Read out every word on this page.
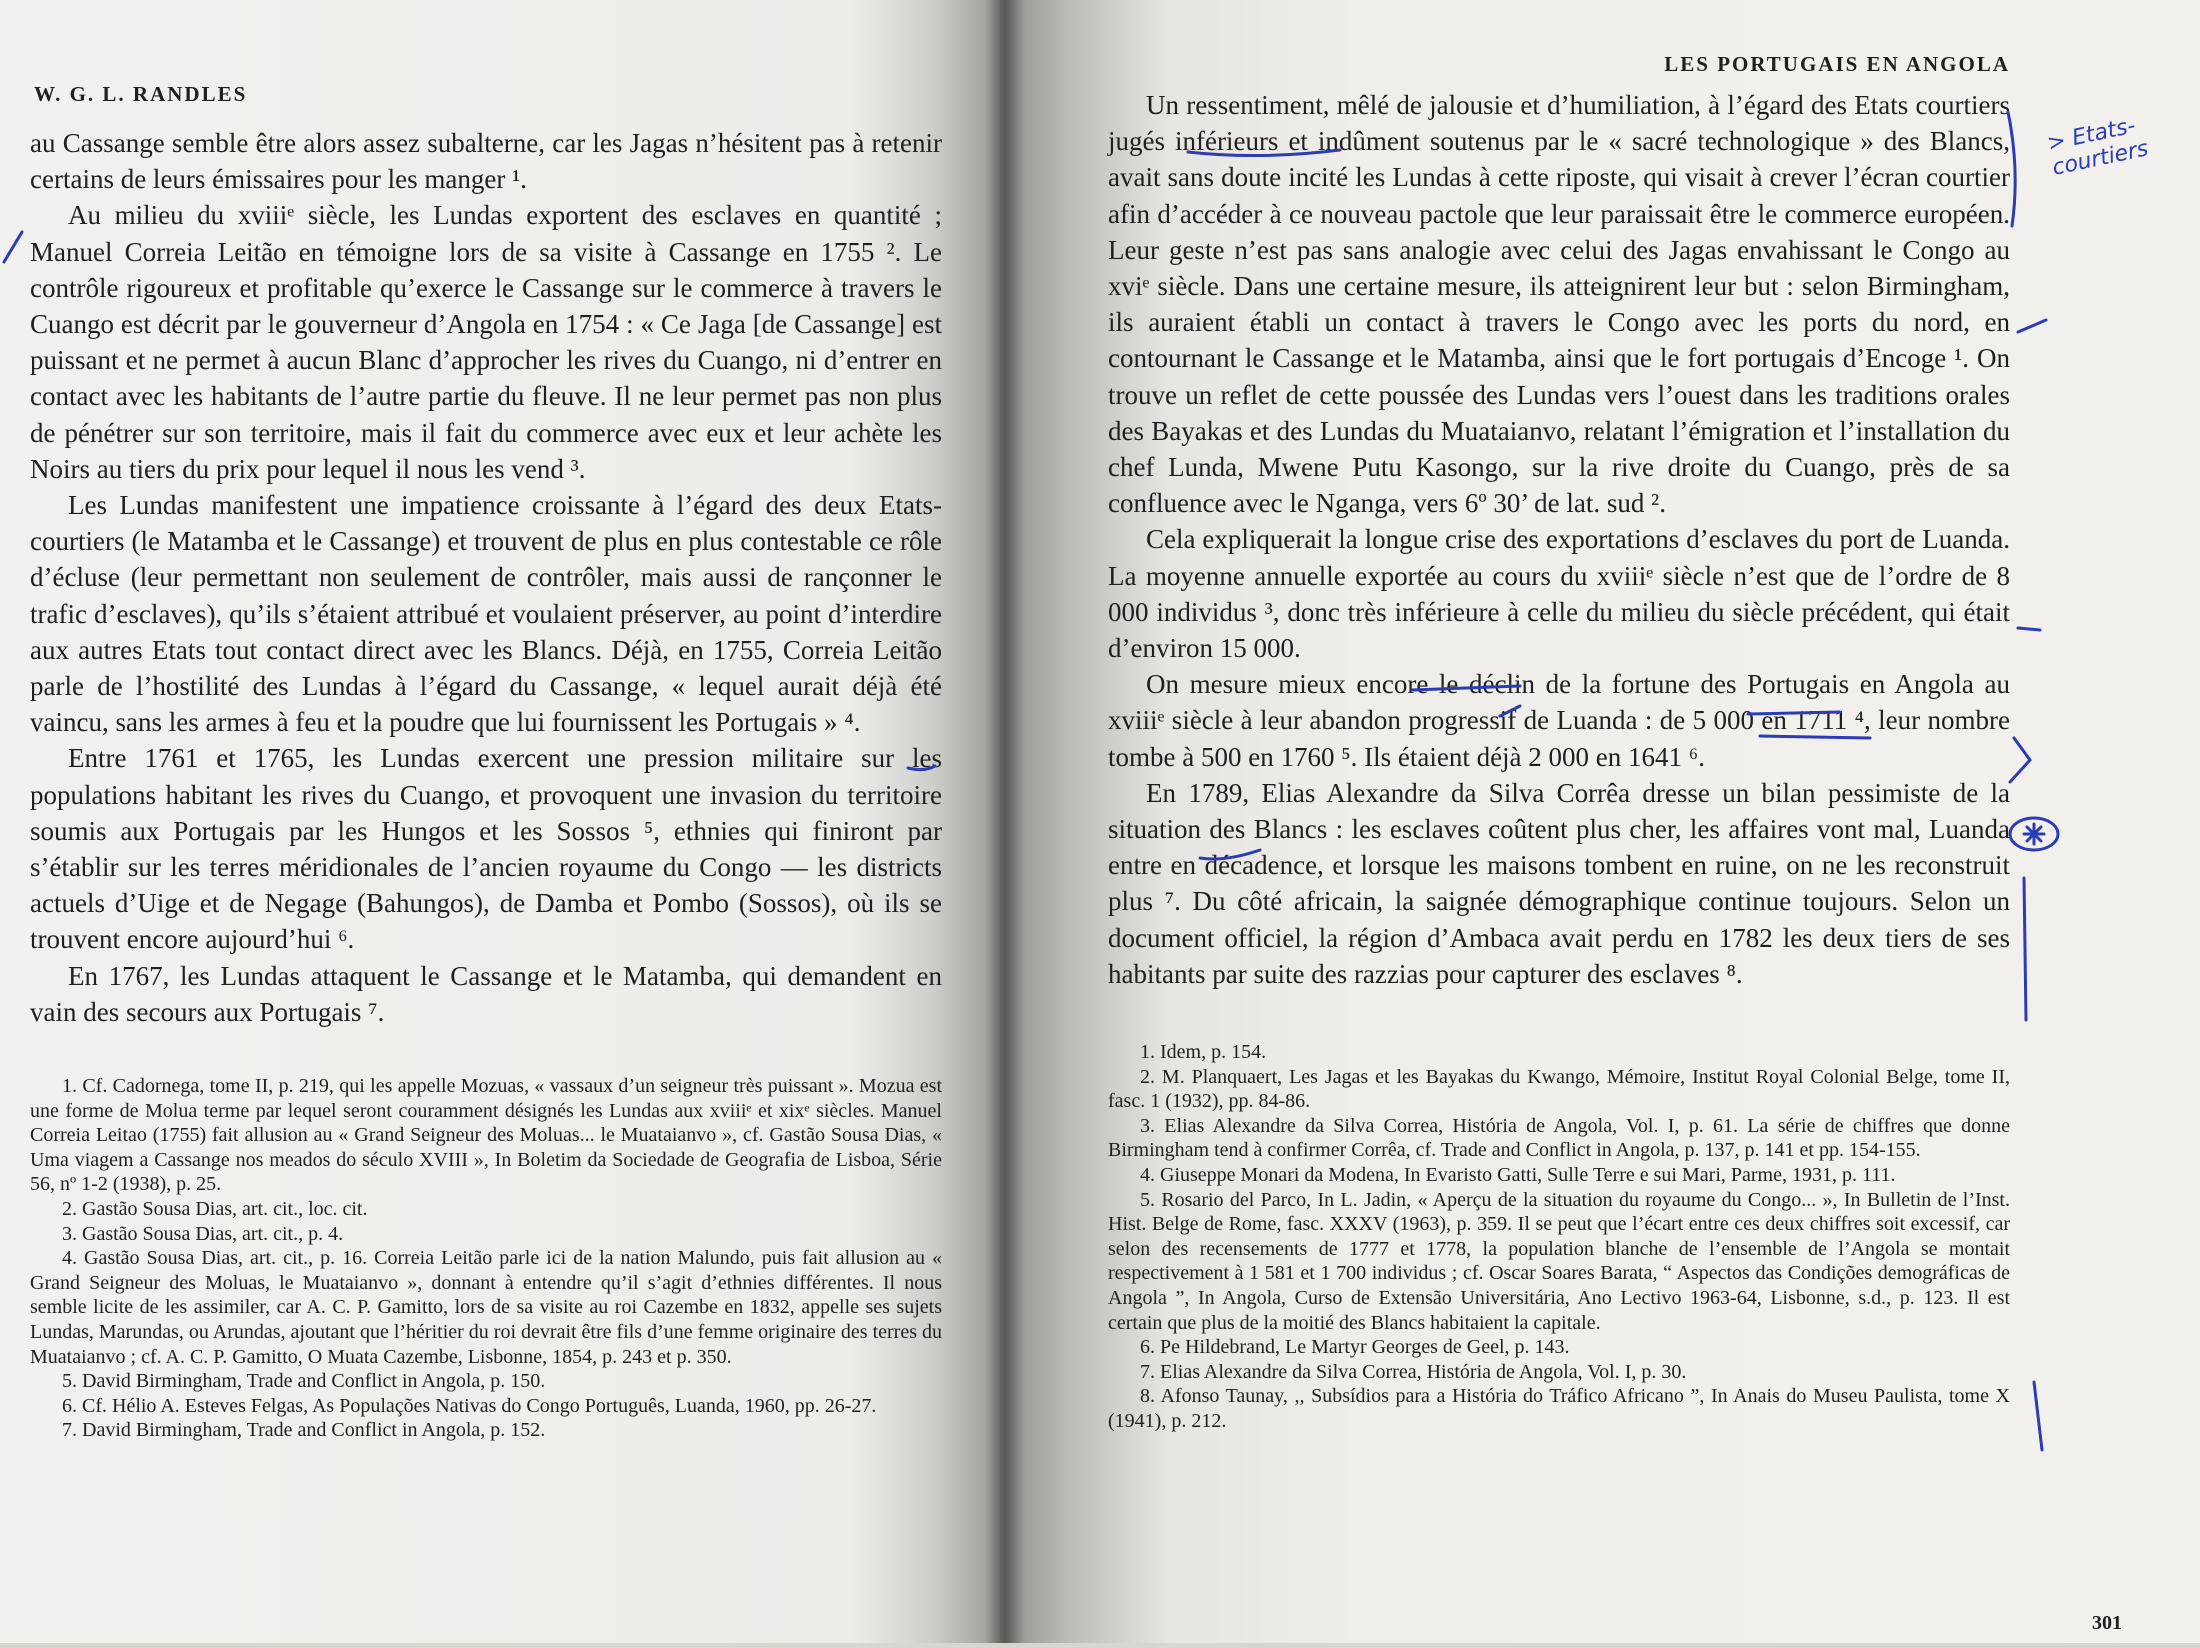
W. G. L. RANDLES

au Cassange semble être alors assez subalterne, car les Jagas n’hésitent pas à retenir certains de leurs émissaires pour les manger ¹.

Au milieu du xviiiᵉ siècle, les Lundas exportent des esclaves en quantité ; Manuel Correia Leitão en témoigne lors de sa visite à Cassange en 1755 ². Le contrôle rigoureux et profitable qu’exerce le Cassange sur le commerce à travers le Cuango est décrit par le gouverneur d’Angola en 1754 : « Ce Jaga [de Cassange] est puissant et ne permet à aucun Blanc d’approcher les rives du Cuango, ni d’entrer en contact avec les habitants de l’autre partie du fleuve. Il ne leur permet pas non plus de pénétrer sur son territoire, mais il fait du commerce avec eux et leur achète les Noirs au tiers du prix pour lequel il nous les vend ³.

Les Lundas manifestent une impatience croissante à l’égard des deux Etats-courtiers (le Matamba et le Cassange) et trouvent de plus en plus contestable ce rôle d’écluse (leur permettant non seulement de contrôler, mais aussi de rançonner le trafic d’esclaves), qu’ils s’étaient attribué et voulaient préserver, au point d’interdire aux autres Etats tout contact direct avec les Blancs. Déjà, en 1755, Correia Leitão parle de l’hostilité des Lundas à l’égard du Cassange, « lequel aurait déjà été vaincu, sans les armes à feu et la poudre que lui fournissent les Portugais » ⁴.

Entre 1761 et 1765, les Lundas exercent une pression militaire sur les populations habitant les rives du Cuango, et provoquent une invasion du territoire soumis aux Portugais par les Hungos et les Sossos ⁵, ethnies qui finiront par s’établir sur les terres méridionales de l’ancien royaume du Congo — les districts actuels d’Uige et de Negage (Bahungos), de Damba et Pombo (Sossos), où ils se trouvent encore aujourd’hui ⁶.

En 1767, les Lundas attaquent le Cassange et le Matamba, qui demandent en vain des secours aux Portugais ⁷.

1. Cf. Cadornega, tome II, p. 219, qui les appelle Mozuas, « vassaux d’un seigneur très puissant ». Mozua est une forme de Molua terme par lequel seront couramment désignés les Lundas aux xviiiᵉ et xixᵉ siècles. Manuel Correia Leitao (1755) fait allusion au « Grand Seigneur des Moluas... le Muataianvo », cf. Gastão Sousa Dias, « Uma viagem a Cassange nos meados do século XVIII », In Boletim da Sociedade de Geografia de Lisboa, Série 56, nº 1-2 (1938), p. 25.

2. Gastão Sousa Dias, art. cit., loc. cit.

3. Gastão Sousa Dias, art. cit., p. 4.

4. Gastão Sousa Dias, art. cit., p. 16. Correia Leitão parle ici de la nation Malundo, puis fait allusion au « Grand Seigneur des Moluas, le Muataianvo », donnant à entendre qu’il s’agit d’ethnies différentes. Il nous semble licite de les assimiler, car A. C. P. Gamitto, lors de sa visite au roi Cazembe en 1832, appelle ses sujets Lundas, Marundas, ou Arundas, ajoutant que l’héritier du roi devrait être fils d’une femme originaire des terres du Muataianvo ; cf. A. C. P. Gamitto, O Muata Cazembe, Lisbonne, 1854, p. 243 et p. 350.

5. David Birmingham, Trade and Conflict in Angola, p. 150.

6. Cf. Hélio A. Esteves Felgas, As Populações Nativas do Congo Português, Luanda, 1960, pp. 26-27.

7. David Birmingham, Trade and Conflict in Angola, p. 152.

LES PORTUGAIS EN ANGOLA

Un ressentiment, mêlé de jalousie et d’humiliation, à l’égard des Etats courtiers jugés inférieurs et indûment soutenus par le « sacré technologique » des Blancs, avait sans doute incité les Lundas à cette riposte, qui visait à crever l’écran courtier afin d’accéder à ce nouveau pactole que leur paraissait être le commerce européen. Leur geste n’est pas sans analogie avec celui des Jagas envahissant le Congo au xviᵉ siècle. Dans une certaine mesure, ils atteignirent leur but : selon Birmingham, ils auraient établi un contact à travers le Congo avec les ports du nord, en contournant le Cassange et le Matamba, ainsi que le fort portugais d’Encoge ¹. On trouve un reflet de cette poussée des Lundas vers l’ouest dans les traditions orales des Bayakas et des Lundas du Muataianvo, relatant l’émigration et l’installation du chef Lunda, Mwene Putu Kasongo, sur la rive droite du Cuango, près de sa confluence avec le Nganga, vers 6º 30’ de lat. sud ².

Cela expliquerait la longue crise des exportations d’esclaves du port de Luanda. La moyenne annuelle exportée au cours du xviiiᵉ siècle n’est que de l’ordre de 8 000 individus ³, donc très inférieure à celle du milieu du siècle précédent, qui était d’environ 15 000.

On mesure mieux encore le déclin de la fortune des Portugais en Angola au xviiiᵉ siècle à leur abandon progressif de Luanda : de 5 000 en 1711 ⁴, leur nombre tombe à 500 en 1760 ⁵. Ils étaient déjà 2 000 en 1641 ⁶.

En 1789, Elias Alexandre da Silva Corrêa dresse un bilan pessimiste de la situation des Blancs : les esclaves coûtent plus cher, les affaires vont mal, Luanda entre en décadence, et lorsque les maisons tombent en ruine, on ne les reconstruit plus ⁷. Du côté africain, la saignée démographique continue toujours. Selon un document officiel, la région d’Ambaca avait perdu en 1782 les deux tiers de ses habitants par suite des razzias pour capturer des esclaves ⁸.

1. Idem, p. 154.

2. M. Planquaert, Les Jagas et les Bayakas du Kwango, Mémoire, Institut Royal Colonial Belge, tome II, fasc. 1 (1932), pp. 84-86.

3. Elias Alexandre da Silva Correa, História de Angola, Vol. I, p. 61. La série de chiffres que donne Birmingham tend à confirmer Corrêa, cf. Trade and Conflict in Angola, p. 137, p. 141 et pp. 154-155.

4. Giuseppe Monari da Modena, In Evaristo Gatti, Sulle Terre e sui Mari, Parme, 1931, p. 111.

5. Rosario del Parco, In L. Jadin, « Aperçu de la situation du royaume du Congo... », In Bulletin de l’Inst. Hist. Belge de Rome, fasc. XXXV (1963), p. 359. Il se peut que l’écart entre ces deux chiffres soit excessif, car selon des recensements de 1777 et 1778, la population blanche de l’ensemble de l’Angola se montait respectivement à 1 581 et 1 700 individus ; cf. Oscar Soares Barata, “ Aspectos das Condições demográficas de Angola ”, In Angola, Curso de Extensão Universitária, Ano Lectivo 1963-64, Lisbonne, s.d., p. 123. Il est certain que plus de la moitié des Blancs habitaient la capitale.

6. Pe Hildebrand, Le Martyr Georges de Geel, p. 143.

7. Elias Alexandre da Silva Correa, História de Angola, Vol. I, p. 30.

8. Afonso Taunay, ,, Subsídios para a História do Tráfico Africano ”, In Anais do Museu Paulista, tome X (1941), p. 212.

301
> Etats-courtiers
